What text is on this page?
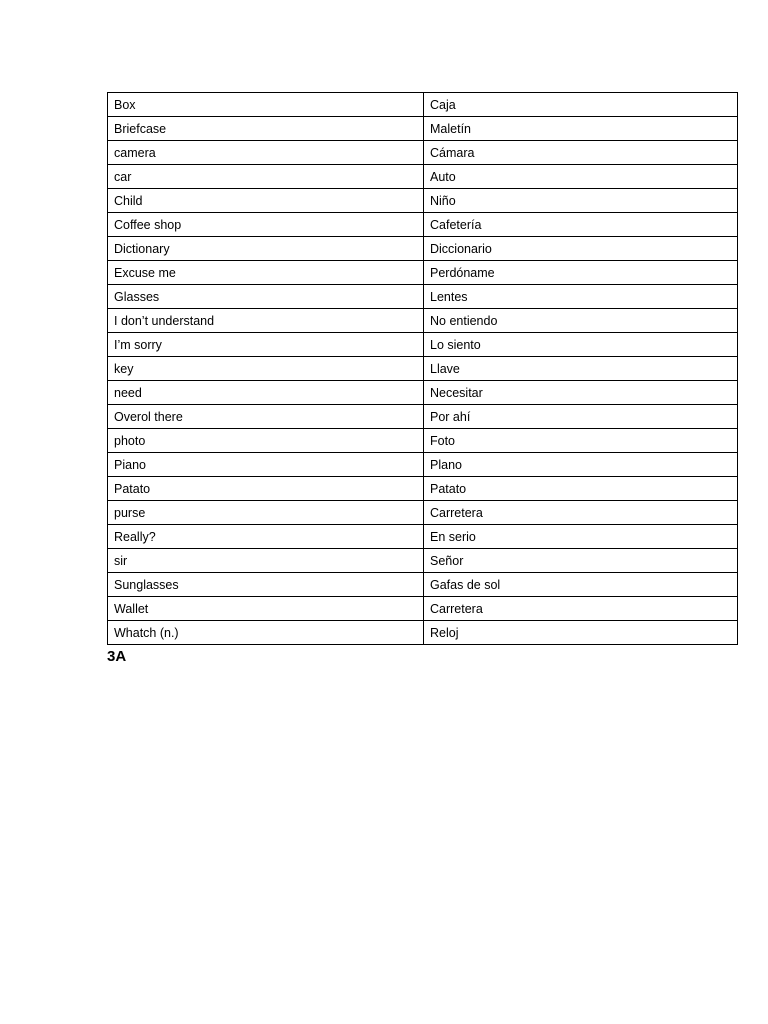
Box	Caja
Briefcase	Maletín
camera	Cámara
car	Auto
Child	Niño
Coffee shop	Cafetería
Dictionary	Diccionario
Excuse me	Perdóname
Glasses	Lentes
I don’t understand	No entiendo
I’m sorry	Lo siento
key	Llave
need	Necesitar
Overol there	Por ahí
photo	Foto
Piano	Plano
Patato	Patato
purse	Carretera
Really?	En serio
sir	Señor
Sunglasses	Gafas de sol
Wallet	Carretera
Whatch (n.)	Reloj
3A
